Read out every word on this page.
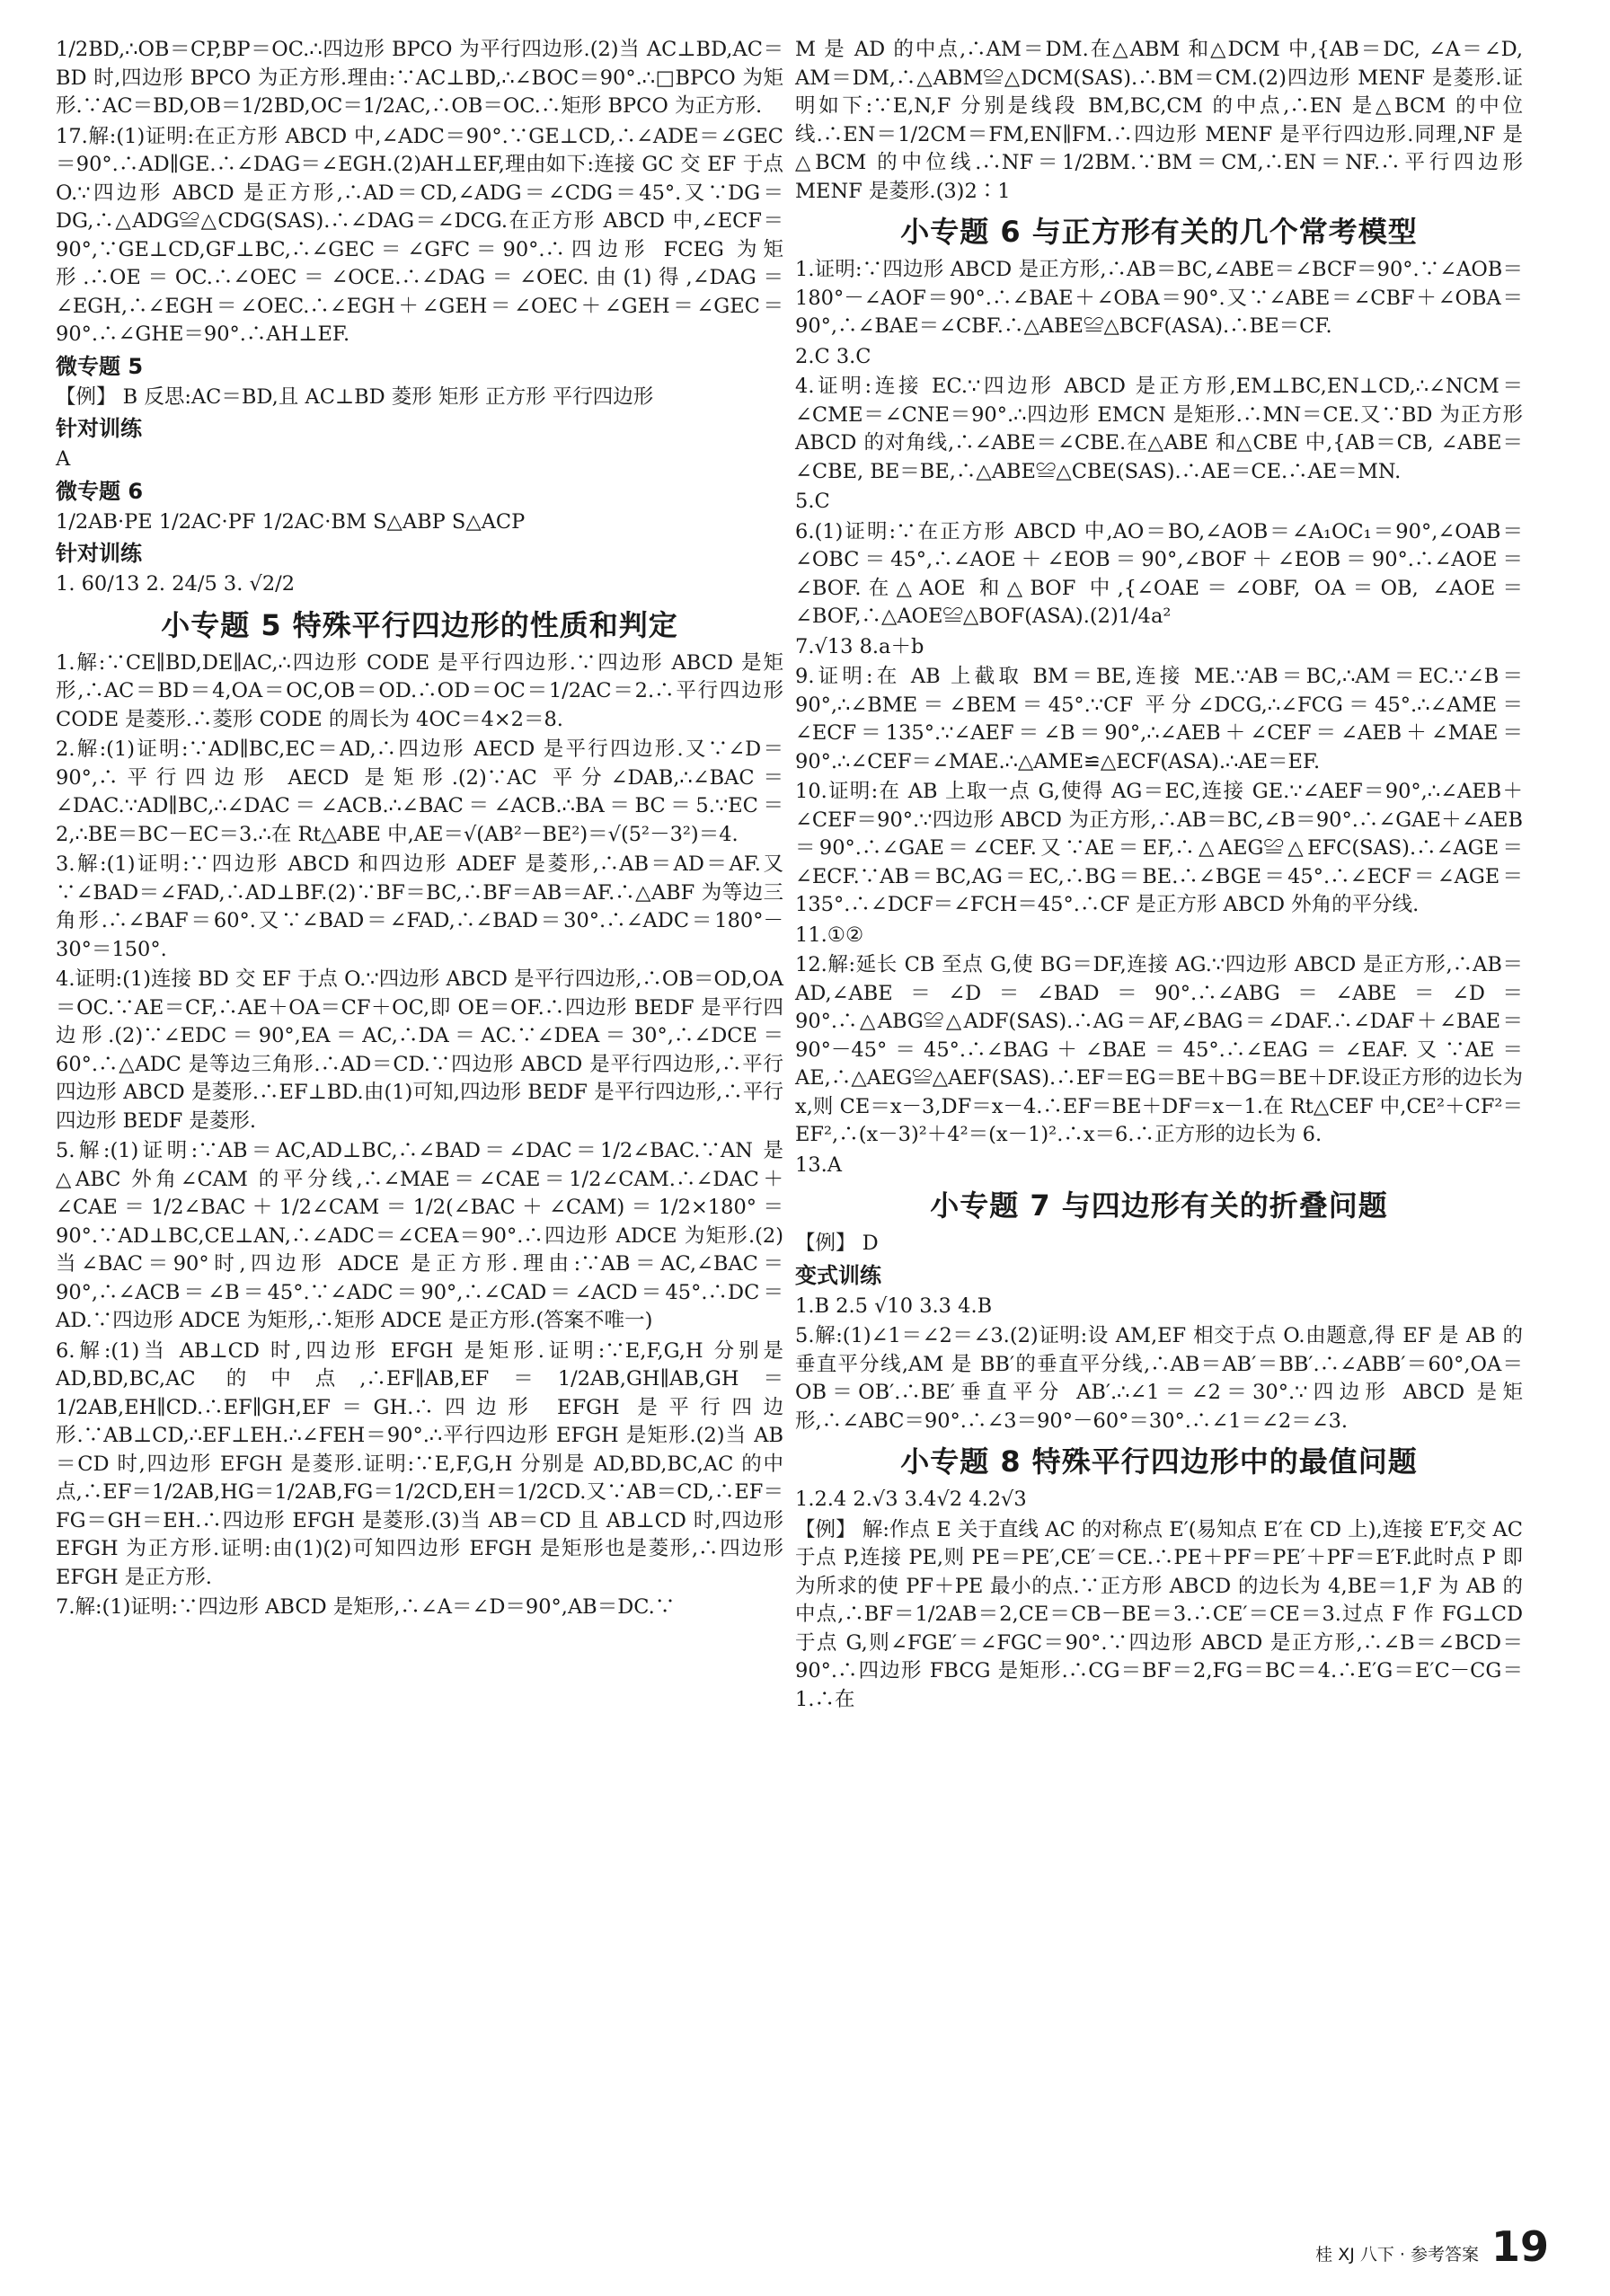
1/2BD,∴OB＝CP,BP＝OC.∴四边形 BPCO 为平行四边形.(2)当 AC⊥BD,AC＝BD 时,四边形 BPCO 为正方形.理由:∵AC⊥BD,∴∠BOC＝90°.∴□BPCO 为矩形.∵AC＝BD,OB＝1/2BD,OC＝1/2AC,∴OB＝OC.∴矩形 BPCO 为正方形.
17.解:(1)证明:在正方形 ABCD 中,∠ADC＝90°.∵GE⊥CD,∴∠ADE＝∠GEC＝90°.∴AD∥GE.∴∠DAG＝∠EGH.(2)AH⊥EF,理由如下:连接 GC 交 EF 于点 O.∵四边形 ABCD 是正方形,∴AD＝CD,∠ADG＝∠CDG＝45°.又∵DG＝DG,∴△ADG≌△CDG(SAS).∴∠DAG＝∠DCG.在正方形 ABCD 中,∠ECF＝90°,∵GE⊥CD,GF⊥BC,∴∠GEC＝∠GFC＝90°.∴四边形 FCEG 为矩形.∴OE＝OC.∴∠OEC＝∠OCE.∴∠DAG＝∠OEC.由(1)得,∠DAG＝∠EGH,∴∠EGH＝∠OEC.∴∠EGH＋∠GEH＝∠OEC＋∠GEH＝∠GEC＝90°.∴∠GHE＝90°.∴AH⊥EF.
微专题 5
【例】 B 反思:AC＝BD,且 AC⊥BD 菱形 矩形 正方形 平行四边形
针对训练
A
微专题 6
1/2AB·PE 1/2AC·PF 1/2AC·BM S△ABP S△ACP
针对训练
1. 60/13 2. 24/5 3. √2/2
小专题 5 特殊平行四边形的性质和判定
1.解:∵CE∥BD,DE∥AC,∴四边形 CODE 是平行四边形.∵四边形 ABCD 是矩形,∴AC＝BD＝4,OA＝OC,OB＝OD.∴OD＝OC＝1/2AC＝2.∴平行四边形 CODE 是菱形.∴菱形 CODE 的周长为 4OC＝4×2＝8.
2.解:(1)证明:∵AD∥BC,EC＝AD,∴四边形 AECD 是平行四边形.又∵∠D＝90°,∴平行四边形 AECD 是矩形.(2)∵AC 平分∠DAB,∴∠BAC＝∠DAC.∵AD∥BC,∴∠DAC＝∠ACB.∴∠BAC＝∠ACB.∴BA＝BC＝5.∵EC＝2,∴BE＝BC－EC＝3.∴在 Rt△ABE 中,AE＝√(AB²－BE²)＝√(5²－3²)＝4.
3.解:(1)证明:∵四边形 ABCD 和四边形 ADEF 是菱形,∴AB＝AD＝AF.又∵∠BAD＝∠FAD,∴AD⊥BF.(2)∵BF＝BC,∴BF＝AB＝AF.∴△ABF 为等边三角形.∴∠BAF＝60°.又∵∠BAD＝∠FAD,∴∠BAD＝30°.∴∠ADC＝180°－30°＝150°.
4.证明:(1)连接 BD 交 EF 于点 O.∵四边形 ABCD 是平行四边形,∴OB＝OD,OA＝OC.∵AE＝CF,∴AE＋OA＝CF＋OC,即 OE＝OF.∴四边形 BEDF 是平行四边形.(2)∵∠EDC＝90°,EA＝AC,∴DA＝AC.∵∠DEA＝30°,∴∠DCE＝60°.∴△ADC 是等边三角形.∴AD＝CD.∵四边形 ABCD 是平行四边形,∴平行四边形 ABCD 是菱形.∴EF⊥BD.由(1)可知,四边形 BEDF 是平行四边形,∴平行四边形 BEDF 是菱形.
5.解:(1)证明:∵AB＝AC,AD⊥BC,∴∠BAD＝∠DAC＝1/2∠BAC.∵AN 是△ABC 外角∠CAM 的平分线,∴∠MAE＝∠CAE＝1/2∠CAM.∴∠DAC＋∠CAE＝1/2∠BAC＋1/2∠CAM＝1/2(∠BAC＋∠CAM)＝1/2×180°＝90°.∵AD⊥BC,CE⊥AN,∴∠ADC＝∠CEA＝90°.∴四边形 ADCE 为矩形.(2)当∠BAC＝90°时,四边形 ADCE 是正方形.理由:∵AB＝AC,∠BAC＝90°,∴∠ACB＝∠B＝45°.∵∠ADC＝90°,∴∠CAD＝∠ACD＝45°.∴DC＝AD.∵四边形 ADCE 为矩形,∴矩形 ADCE 是正方形.(答案不唯一)
6.解:(1)当 AB⊥CD 时,四边形 EFGH 是矩形.证明:∵E,F,G,H 分别是 AD,BD,BC,AC 的中点,∴EF∥AB,EF＝1/2AB,GH∥AB,GH＝1/2AB,EH∥CD.∴EF∥GH,EF＝GH.∴四边形 EFGH 是平行四边形.∵AB⊥CD,∴EF⊥EH.∴∠FEH＝90°.∴平行四边形 EFGH 是矩形.(2)当 AB＝CD 时,四边形 EFGH 是菱形.证明:∵E,F,G,H 分别是 AD,BD,BC,AC 的中点,∴EF＝1/2AB,HG＝1/2AB,FG＝1/2CD,EH＝1/2CD.又∵AB＝CD,∴EF＝FG＝GH＝EH.∴四边形 EFGH 是菱形.(3)当 AB＝CD 且 AB⊥CD 时,四边形 EFGH 为正方形.证明:由(1)(2)可知四边形 EFGH 是矩形也是菱形,∴四边形 EFGH 是正方形.
7.解:(1)证明:∵四边形 ABCD 是矩形,∴∠A＝∠D＝90°,AB＝DC.∵
M 是 AD 的中点,∴AM＝DM.在△ABM 和△DCM 中,{AB＝DC, ∠A＝∠D, AM＝DM,∴△ABM≌△DCM(SAS).∴BM＝CM.(2)四边形 MENF 是菱形.证明如下:∵E,N,F 分别是线段 BM,BC,CM 的中点,∴EN 是△BCM 的中位线.∴EN＝1/2CM＝FM,EN∥FM.∴四边形 MENF 是平行四边形.同理,NF 是△BCM 的中位线.∴NF＝1/2BM.∵BM＝CM,∴EN＝NF.∴平行四边形 MENF 是菱形.(3)2∶1
小专题 6 与正方形有关的几个常考模型
1.证明:∵四边形 ABCD 是正方形,∴AB＝BC,∠ABE＝∠BCF＝90°.∵∠AOB＝180°－∠AOF＝90°.∴∠BAE＋∠OBA＝90°.又∵∠ABE＝∠CBF＋∠OBA＝90°,∴∠BAE＝∠CBF.∴△ABE≌△BCF(ASA).∴BE＝CF.
2.C 3.C
4.证明:连接 EC.∵四边形 ABCD 是正方形,EM⊥BC,EN⊥CD,∴∠NCM＝∠CME＝∠CNE＝90°.∴四边形 EMCN 是矩形.∴MN＝CE.又∵BD 为正方形 ABCD 的对角线,∴∠ABE＝∠CBE.在△ABE 和△CBE 中,{AB＝CB, ∠ABE＝∠CBE, BE＝BE,∴△ABE≌△CBE(SAS).∴AE＝CE.∴AE＝MN.
5.C
6.(1)证明:∵在正方形 ABCD 中,AO＝BO,∠AOB＝∠A₁OC₁＝90°,∠OAB＝∠OBC＝45°,∴∠AOE＋∠EOB＝90°,∠BOF＋∠EOB＝90°.∴∠AOE＝∠BOF.在△AOE 和△BOF 中,{∠OAE＝∠OBF, OA＝OB, ∠AOE＝∠BOF,∴△AOE≌△BOF(ASA).(2)1/4a²
7.√13 8.a＋b
9.证明:在 AB 上截取 BM＝BE,连接 ME.∵AB＝BC,∴AM＝EC.∵∠B＝90°,∴∠BME＝∠BEM＝45°.∵CF 平分∠DCG,∴∠FCG＝45°.∴∠AME＝∠ECF＝135°.∵∠AEF＝∠B＝90°,∴∠AEB＋∠CEF＝∠AEB＋∠MAE＝90°.∴∠CEF＝∠MAE.∴△AME≌△ECF(ASA).∴AE＝EF.
10.证明:在 AB 上取一点 G,使得 AG＝EC,连接 GE.∵∠AEF＝90°,∴∠AEB＋∠CEF＝90°.∵四边形 ABCD 为正方形,∴AB＝BC,∠B＝90°.∴∠GAE＋∠AEB＝90°.∴∠GAE＝∠CEF.又∵AE＝EF,∴△AEG≌△EFC(SAS).∴∠AGE＝∠ECF.∵AB＝BC,AG＝EC,∴BG＝BE.∴∠BGE＝45°.∴∠ECF＝∠AGE＝135°.∴∠DCF＝∠FCH＝45°.∴CF 是正方形 ABCD 外角的平分线.
11.①②
12.解:延长 CB 至点 G,使 BG＝DF,连接 AG.∵四边形 ABCD 是正方形,∴AB＝AD,∠ABE＝∠D＝∠BAD＝90°.∴∠ABG＝∠ABE＝∠D＝90°.∴△ABG≌△ADF(SAS).∴AG＝AF,∠BAG＝∠DAF.∴∠DAF＋∠BAE＝90°－45°＝45°.∴∠BAG＋∠BAE＝45°.∴∠EAG＝∠EAF.又∵AE＝AE,∴△AEG≌△AEF(SAS).∴EF＝EG＝BE＋BG＝BE＋DF.设正方形的边长为 x,则 CE＝x－3,DF＝x－4.∴EF＝BE＋DF＝x－1.在 Rt△CEF 中,CE²＋CF²＝EF²,∴(x－3)²＋4²＝(x－1)².∴x＝6.∴正方形的边长为 6.
13.A
小专题 7 与四边形有关的折叠问题
【例】 D
变式训练
1.B 2.5 √10 3.3 4.B
5.解:(1)∠1＝∠2＝∠3.(2)证明:设 AM,EF 相交于点 O.由题意,得 EF 是 AB 的垂直平分线,AM 是 BB′的垂直平分线,∴AB＝AB′＝BB′.∴∠ABB′＝60°,OA＝OB＝OB′.∴BE′垂直平分 AB′.∴∠1＝∠2＝30°.∵四边形 ABCD 是矩形,∴∠ABC＝90°.∴∠3＝90°－60°＝30°.∴∠1＝∠2＝∠3.
小专题 8 特殊平行四边形中的最值问题
1.2.4 2.√3 3.4√2 4.2√3
【例】 解:作点 E 关于直线 AC 的对称点 E′(易知点 E′在 CD 上),连接 E′F,交 AC 于点 P,连接 PE,则 PE＝PE′,CE′＝CE.∴PE＋PF＝PE′＋PF＝E′F.此时点 P 即为所求的使 PF＋PE 最小的点.∵正方形 ABCD 的边长为 4,BE＝1,F 为 AB 的中点,∴BF＝1/2AB＝2,CE＝CB－BE＝3.∴CE′＝CE＝3.过点 F 作 FG⊥CD 于点 G,则∠FGE′＝∠FGC＝90°.∵四边形 ABCD 是正方形,∴∠B＝∠BCD＝90°.∴四边形 FBCG 是矩形.∴CG＝BF＝2,FG＝BC＝4.∴E′G＝E′C－CG＝1.∴在
桂 XJ 八下 · 参考答案 19
